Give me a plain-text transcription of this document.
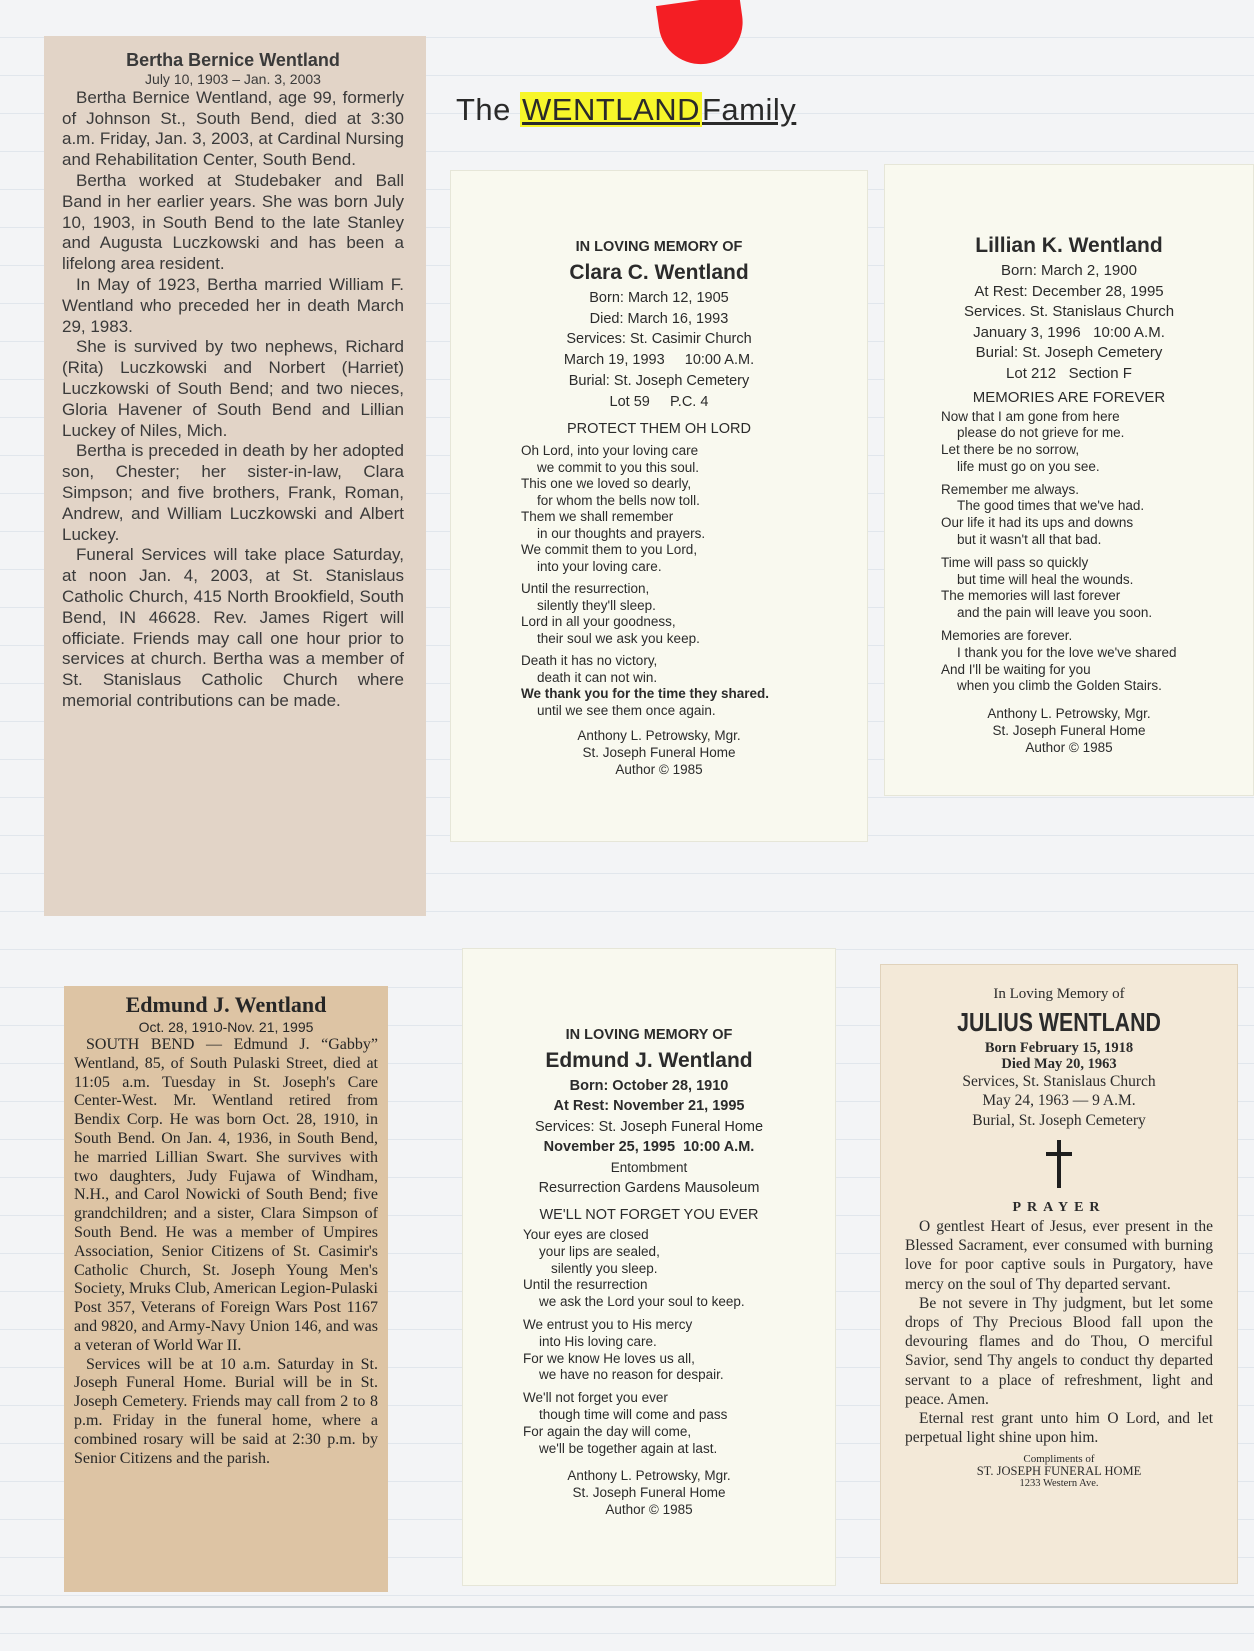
The WENTLANDFamily
Bertha Bernice Wentland
July 10, 1903 – Jan. 3, 2003

Bertha Bernice Wentland, age 99, formerly of Johnson St., South Bend, died at 3:30 a.m. Friday, Jan. 3, 2003, at Cardinal Nursing and Rehabilitation Center, South Bend.

Bertha worked at Studebaker and Ball Band in her earlier years. She was born July 10, 1903, in South Bend to the late Stanley and Augusta Luczkowski and has been a lifelong area resident.

In May of 1923, Bertha married William F. Wentland who preceded her in death March 29, 1983.

She is survived by two nephews, Richard (Rita) Luczkowski and Norbert (Harriet) Luczkowski of South Bend; and two nieces, Gloria Havener of South Bend and Lillian Luckey of Niles, Mich.

Bertha is preceded in death by her adopted son, Chester; her sister-in-law, Clara Simpson; and five brothers, Frank, Roman, Andrew, and William Luczkowski and Albert Luckey.

Funeral Services will take place Saturday, at noon Jan. 4, 2003, at St. Stanislaus Catholic Church, 415 North Brookfield, South Bend, IN 46628. Rev. James Rigert will officiate. Friends may call one hour prior to services at church. Bertha was a member of St. Stanislaus Catholic Church where memorial contributions can be made.

IN LOVING MEMORY OF
Clara C. Wentland
Born: March 12, 1905
Died: March 16, 1993
Services: St. Casimir Church
March 19, 1993     10:00 A.M.
Burial: St. Joseph Cemetery
Lot 59     P.C. 4
PROTECT THEM OH LORD
Oh Lord, into your loving care
we commit to you this soul.
This one we loved so dearly,
for whom the bells now toll.
Them we shall remember
in our thoughts and prayers.
We commit them to you Lord,
into your loving care.
Until the resurrection,
silently they'll sleep.
Lord in all your goodness,
their soul we ask you keep.
Death it has no victory,
death it can not win.
We thank you for the time they shared.
until we see them once again.
Anthony L. Petrowsky, Mgr.
St. Joseph Funeral Home
Author © 1985
Lillian K. Wentland
Born: March 2, 1900
At Rest: December 28, 1995
Services. St. Stanislaus Church
January 3, 1996   10:00 A.M.
Burial: St. Joseph Cemetery
Lot 212   Section F
MEMORIES ARE FOREVER
Now that I am gone from here
please do not grieve for me.
Let there be no sorrow,
life must go on you see.
Remember me always.
The good times that we've had.
Our life it had its ups and downs
but it wasn't all that bad.
Time will pass so quickly
but time will heal the wounds.
The memories will last forever
and the pain will leave you soon.
Memories are forever.
I thank you for the love we've shared
And I'll be waiting for you
when you climb the Golden Stairs.
Anthony L. Petrowsky, Mgr.
St. Joseph Funeral Home
Author © 1985
Edmund J. Wentland
Oct. 28, 1910-Nov. 21, 1995

SOUTH BEND — Edmund J. “Gabby” Wentland, 85, of South Pulaski Street, died at 11:05 a.m. Tuesday in St. Joseph's Care Center-West. Mr. Wentland retired from Bendix Corp. He was born Oct. 28, 1910, in South Bend. On Jan. 4, 1936, in South Bend, he married Lillian Swart. She survives with two daughters, Judy Fujawa of Windham, N.H., and Carol Nowicki of South Bend; five grandchildren; and a sister, Clara Simpson of South Bend. He was a member of Umpires Association, Senior Citizens of St. Casimir's Catholic Church, St. Joseph Young Men's Society, Mruks Club, American Legion-Pulaski Post 357, Veterans of Foreign Wars Post 1167 and 9820, and Army-Navy Union 146, and was a veteran of World War II.

Services will be at 10 a.m. Saturday in St. Joseph Funeral Home. Burial will be in St. Joseph Cemetery. Friends may call from 2 to 8 p.m. Friday in the funeral home, where a combined rosary will be said at 2:30 p.m. by Senior Citizens and the parish.

IN LOVING MEMORY OF
Edmund J. Wentland
Born: October 28, 1910
At Rest: November 21, 1995
Services: St. Joseph Funeral Home
November 25, 1995  10:00 A.M.
Entombment
Resurrection Gardens Mausoleum
WE'LL NOT FORGET YOU EVER
Your eyes are closed
your lips are sealed,
silently you sleep.
Until the resurrection
we ask the Lord your soul to keep.
We entrust you to His mercy
into His loving care.
For we know He loves us all,
we have no reason for despair.
We'll not forget you ever
though time will come and pass
For again the day will come,
we'll be together again at last.
Anthony L. Petrowsky, Mgr.
St. Joseph Funeral Home
Author © 1985
In Loving Memory of
JULIUS WENTLAND
Born February 15, 1918
Died May 20, 1963
Services, St. Stanislaus Church
May 24, 1963 — 9 A.M.
Burial, St. Joseph Cemetery
PRAYER
O gentlest Heart of Jesus, ever present in the Blessed Sacrament, ever consumed with burning love for poor captive souls in Purgatory, have mercy on the soul of Thy departed servant.
Be not severe in Thy judgment, but let some drops of Thy Precious Blood fall upon the devouring flames and do Thou, O merciful Savior, send Thy angels to conduct thy departed servant to a place of refreshment, light and peace. Amen.
Eternal rest grant unto him O Lord, and let perpetual light shine upon him.
Compliments of
ST. JOSEPH FUNERAL HOME
1233 Western Ave.
